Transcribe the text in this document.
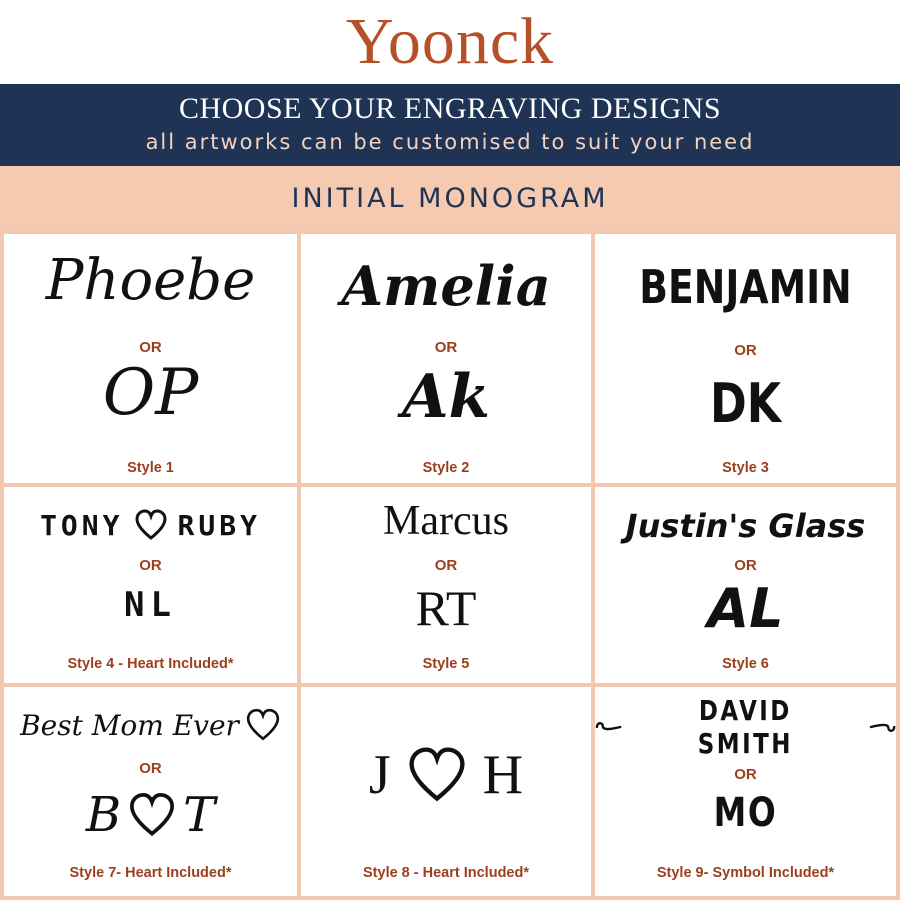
Yoonck
CHOOSE YOUR ENGRAVING DESIGNS
all artworks can be customised to suit your need
INITIAL MONOGRAM
Phoebe
OR
OP
Style 1
Amelia
OR
Ak
Style 2
BENJAMIN
OR
DK
Style 3
TONY RUBY
OR
NL
Style 4 - Heart Included*
Marcus
OR
RT
Style 5
Justin's Glass
OR
AL
Style 6
Best Mom Ever
OR
B T
Style 7- Heart Included*
J H
Style 8 - Heart Included*
DAVID SMITH
OR
MO
Style 9- Symbol Included*
